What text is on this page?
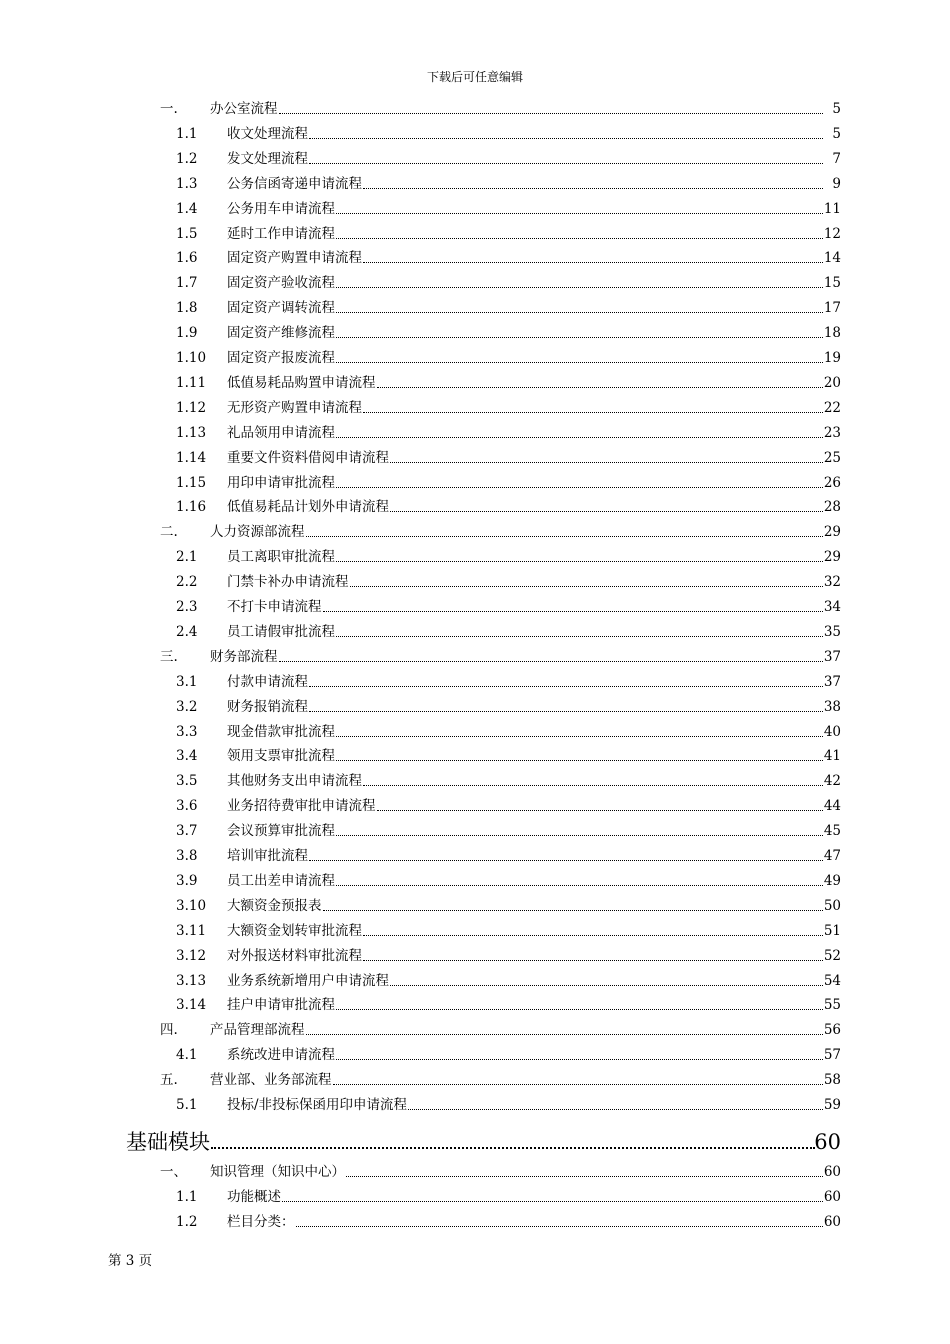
下载后可任意编辑
一. 办公室流程	5
1.1 收文处理流程	5
1.2 发文处理流程	7
1.3 公务信函寄递申请流程	9
1.4 公务用车申请流程	11
1.5 延时工作申请流程	12
1.6 固定资产购置申请流程	14
1.7 固定资产验收流程	15
1.8 固定资产调转流程	17
1.9 固定资产维修流程	18
1.10 固定资产报废流程	19
1.11 低值易耗品购置申请流程	20
1.12 无形资产购置申请流程	22
1.13 礼品领用申请流程	23
1.14 重要文件资料借阅申请流程	25
1.15 用印申请审批流程	26
1.16 低值易耗品计划外申请流程	28
二. 人力资源部流程	29
2.1 员工离职审批流程	29
2.2 门禁卡补办申请流程	32
2.3 不打卡申请流程	34
2.4 员工请假审批流程	35
三. 财务部流程	37
3.1 付款申请流程	37
3.2 财务报销流程	38
3.3 现金借款审批流程	40
3.4 领用支票审批流程	41
3.5 其他财务支出申请流程	42
3.6 业务招待费审批申请流程	44
3.7 会议预算审批流程	45
3.8 培训审批流程	47
3.9 员工出差申请流程	49
3.10 大额资金预报表	50
3.11 大额资金划转审批流程	51
3.12 对外报送材料审批流程	52
3.13 业务系统新增用户申请流程	54
3.14 挂户申请审批流程	55
四. 产品管理部流程	56
4.1 系统改进申请流程	57
五. 营业部、业务部流程	58
5.1 投标/非投标保函用印申请流程	59
基础模块	60
一、 知识管理（知识中心）	60
1.1 功能概述	60
1.2 栏目分类：	60
第 3 页
